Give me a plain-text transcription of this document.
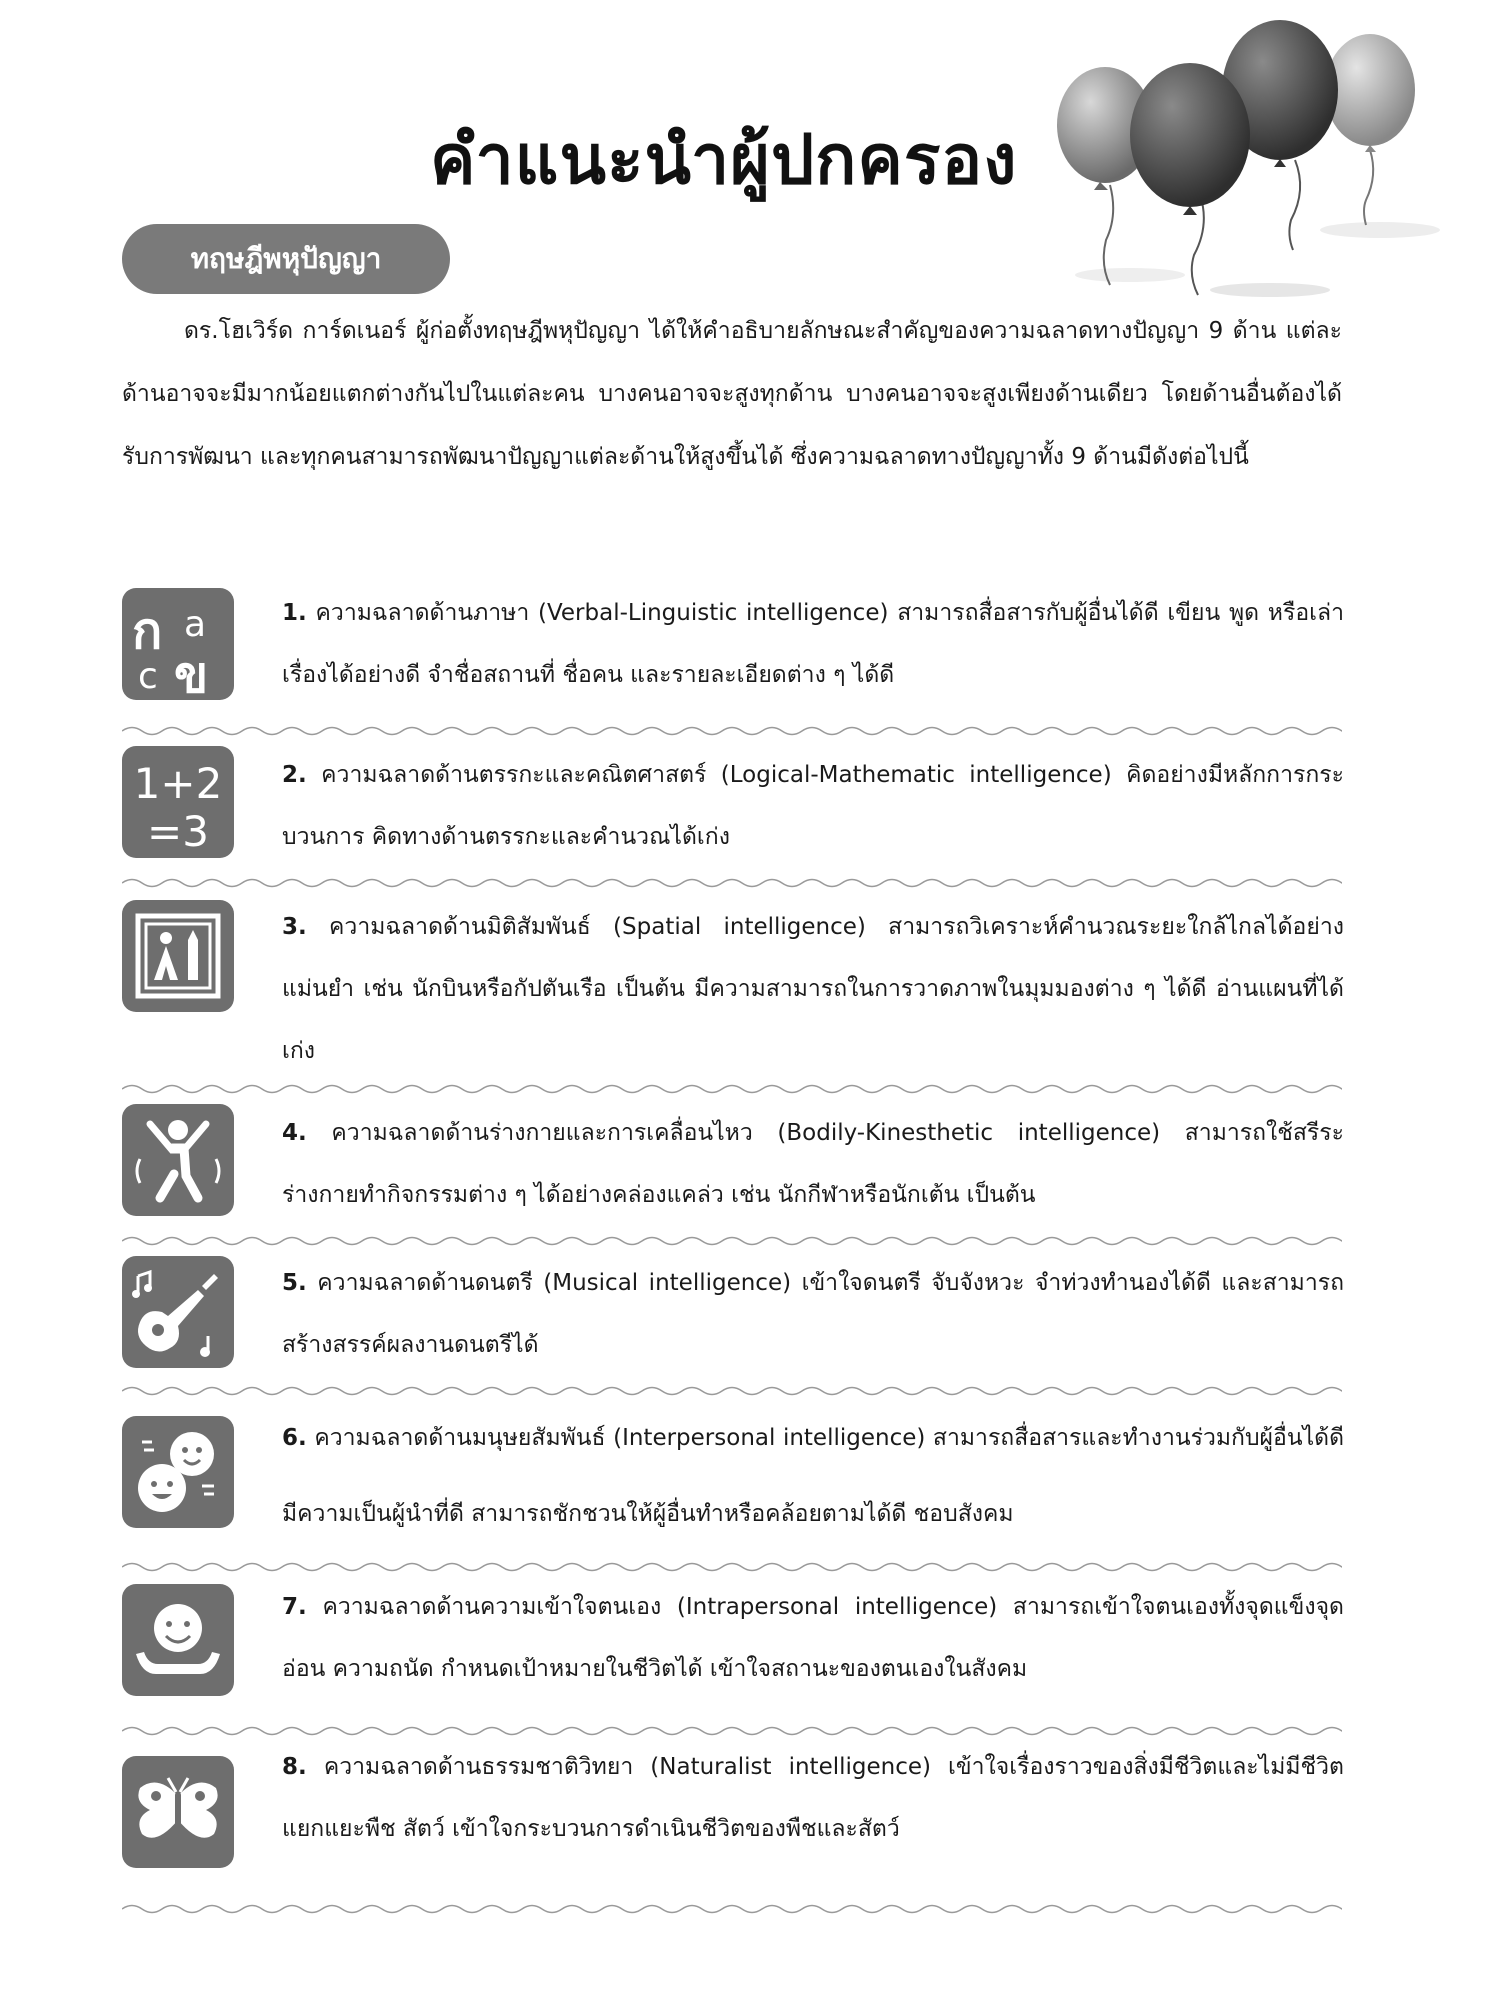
คำแนะนำผู้ปกครอง
ทฤษฎีพหุปัญญา

ดร.โฮเวิร์ด การ์ดเนอร์ ผู้ก่อตั้งทฤษฎีพหุปัญญา ได้ให้คำอธิบายลักษณะสำคัญของความฉลาดทางปัญญา 9 ด้าน แต่ละด้านอาจจะมีมากน้อยแตกต่างกันไปในแต่ละคน บางคนอาจจะสูงทุกด้าน บางคนอาจจะสูงเพียงด้านเดียว โดยด้านอื่นต้องได้รับการพัฒนา และทุกคนสามารถพัฒนาปัญญาแต่ละด้านให้สูงขึ้นได้ ซึ่งความฉลาดทางปัญญาทั้ง 9 ด้านมีดังต่อไปนี้

ก a
c ข

1. ความฉลาดด้านภาษา (Verbal-Linguistic intelligence) สามารถสื่อสารกับผู้อื่นได้ดี เขียน พูด หรือเล่าเรื่องได้อย่างดี จำชื่อสถานที่ ชื่อคน และรายละเอียดต่าง ๆ ได้ดี

1+2
=3

2. ความฉลาดด้านตรรกะและคณิตศาสตร์ (Logical-Mathematic intelligence) คิดอย่างมีหลักการกระบวนการ คิดทางด้านตรรกะและคำนวณได้เก่ง

3. ความฉลาดด้านมิติสัมพันธ์ (Spatial intelligence) สามารถวิเคราะห์คำนวณระยะใกล้ไกลได้อย่างแม่นยำ เช่น นักบินหรือกัปตันเรือ เป็นต้น มีความสามารถในการวาดภาพในมุมมองต่าง ๆ ได้ดี อ่านแผนที่ได้เก่ง

4. ความฉลาดด้านร่างกายและการเคลื่อนไหว (Bodily-Kinesthetic intelligence) สามารถใช้สรีระร่างกายทำกิจกรรมต่าง ๆ ได้อย่างคล่องแคล่ว เช่น นักกีฬาหรือนักเต้น เป็นต้น

5. ความฉลาดด้านดนตรี (Musical intelligence) เข้าใจดนตรี จับจังหวะ จำท่วงทำนองได้ดี และสามารถสร้างสรรค์ผลงานดนตรีได้

6. ความฉลาดด้านมนุษยสัมพันธ์ (Interpersonal intelligence) สามารถสื่อสารและทำงานร่วมกับผู้อื่นได้ดี มีความเป็นผู้นำที่ดี สามารถชักชวนให้ผู้อื่นทำหรือคล้อยตามได้ดี ชอบสังคม

7. ความฉลาดด้านความเข้าใจตนเอง (Intrapersonal intelligence) สามารถเข้าใจตนเองทั้งจุดแข็งจุดอ่อน ความถนัด กำหนดเป้าหมายในชีวิตได้ เข้าใจสถานะของตนเองในสังคม

8. ความฉลาดด้านธรรมชาติวิทยา (Naturalist intelligence) เข้าใจเรื่องราวของสิ่งมีชีวิตและไม่มีชีวิต แยกแยะพืช สัตว์ เข้าใจกระบวนการดำเนินชีวิตของพืชและสัตว์
